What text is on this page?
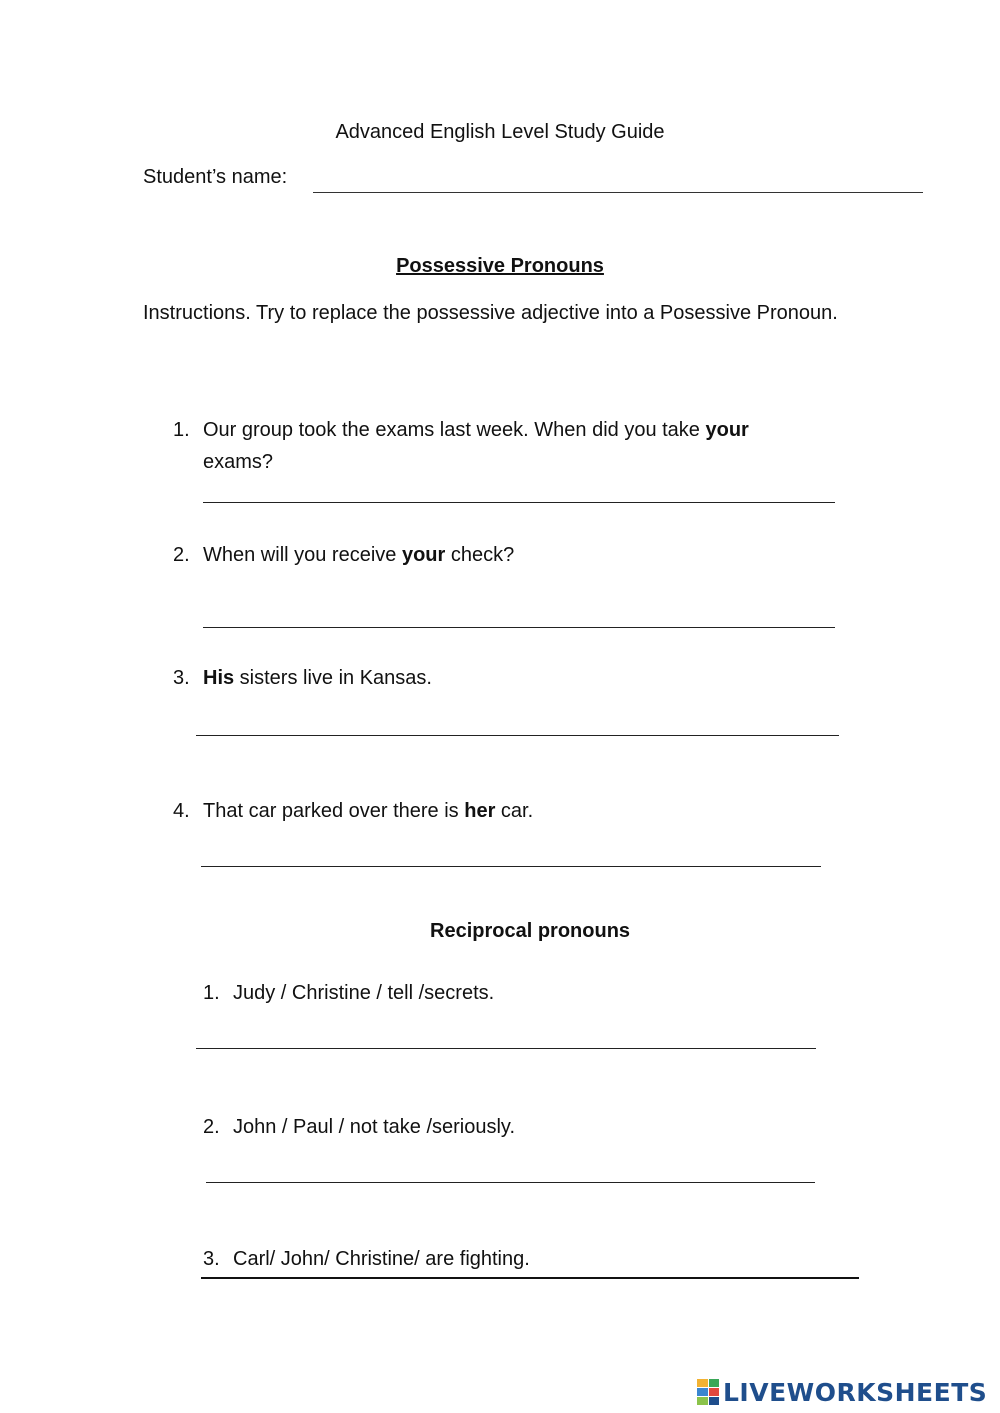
Advanced English Level Study Guide
Student’s name:
Possessive Pronouns
Instructions. Try to replace the possessive adjective into a Posessive Pronoun.
1. Our group took the exams last week. When did you take your
exams?
2. When will you receive your check?
3. His sisters live in Kansas.
4. That car parked over there is her car.
Reciprocal pronouns
1. Judy / Christine / tell /secrets.
2. John / Paul / not take /seriously.
3. Carl/ John/ Christine/ are fighting.
LIVEWORKSHEETS
